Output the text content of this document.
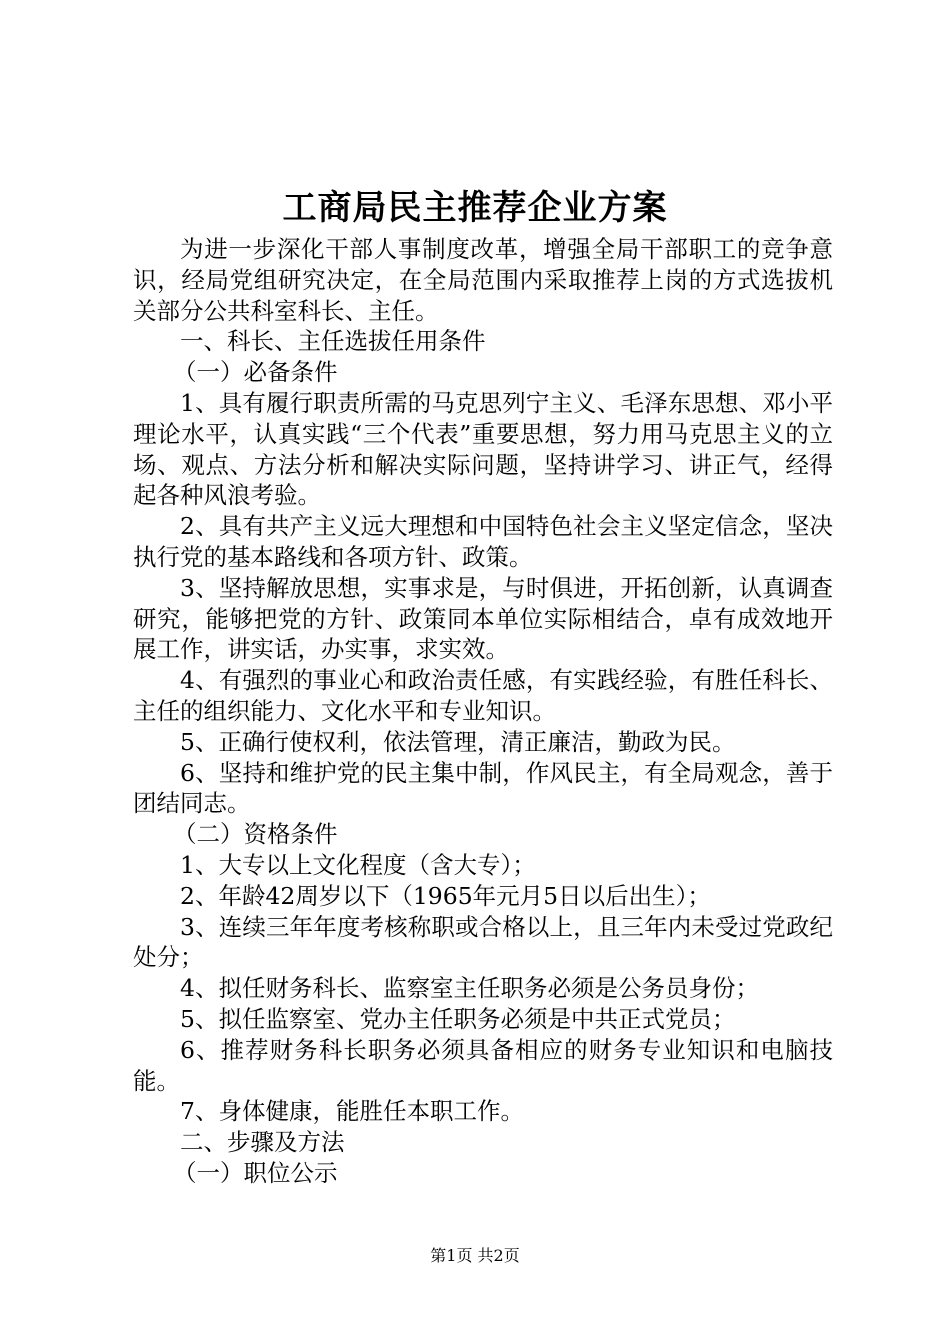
工商局民主推荐企业方案

为进一步深化干部人事制度改革，增强全局干部职工的竞争意识，经局党组研究决定，在全局范围内采取推荐上岗的方式选拔机关部分公共科室科长、主任。

一、科长、主任选拔任用条件

（一）必备条件

1、具有履行职责所需的马克思列宁主义、毛泽东思想、邓小平理论水平，认真实践“三个代表”重要思想，努力用马克思主义的立场、观点、方法分析和解决实际问题，坚持讲学习、讲正气，经得起各种风浪考验。

2、具有共产主义远大理想和中国特色社会主义坚定信念，坚决执行党的基本路线和各项方针、政策。

3、坚持解放思想，实事求是，与时俱进，开拓创新，认真调查研究，能够把党的方针、政策同本单位实际相结合，卓有成效地开展工作，讲实话，办实事，求实效。

4、有强烈的事业心和政治责任感，有实践经验，有胜任科长、主任的组织能力、文化水平和专业知识。

5、正确行使权利，依法管理，清正廉洁，勤政为民。

6、坚持和维护党的民主集中制，作风民主，有全局观念，善于团结同志。

（二）资格条件

1、大专以上文化程度（含大专）；

2、年龄42周岁以下（1965年元月5日以后出生）；

3、连续三年年度考核称职或合格以上，且三年内未受过党政纪处分；

4、拟任财务科长、监察室主任职务必须是公务员身份；

5、拟任监察室、党办主任职务必须是中共正式党员；

6、推荐财务科长职务必须具备相应的财务专业知识和电脑技能。

7、身体健康，能胜任本职工作。

二、步骤及方法

（一）职位公示

第1页 共2页
